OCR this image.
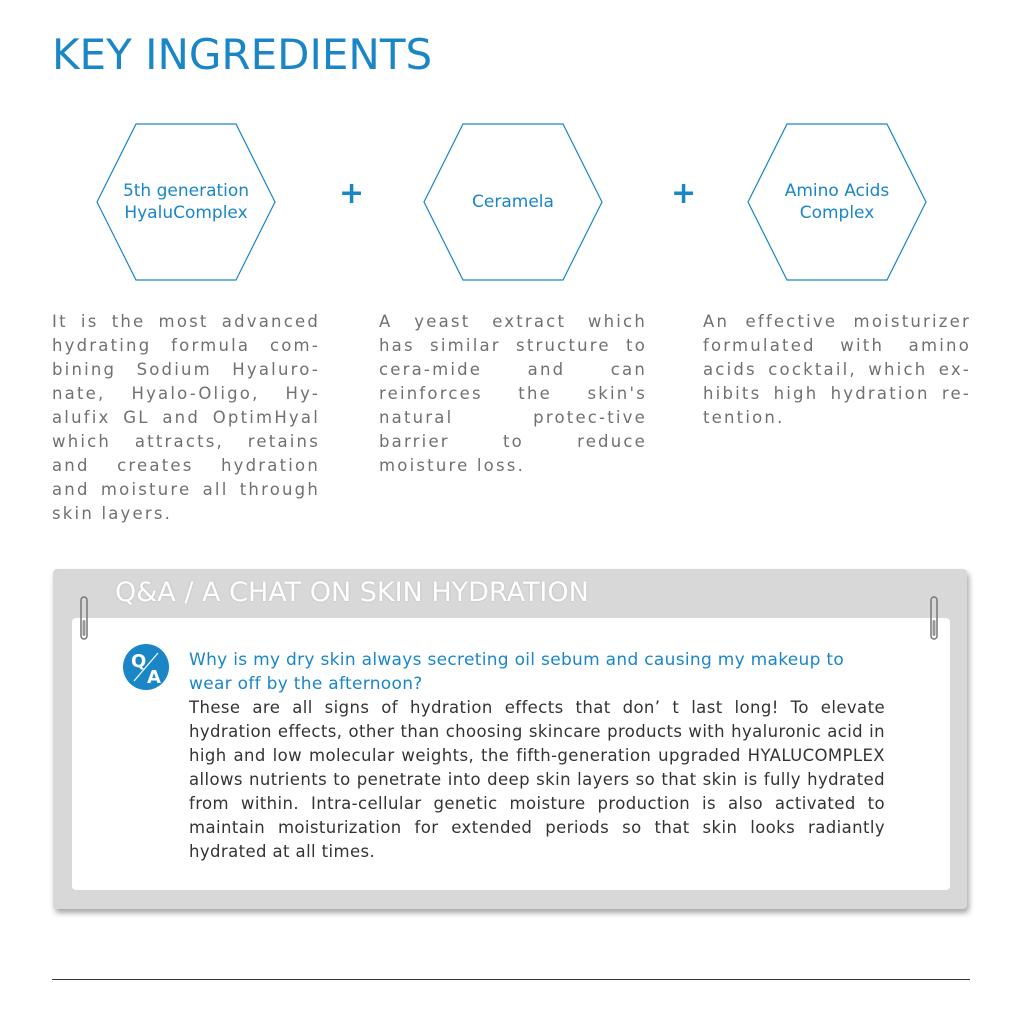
KEY INGREDIENTS
5th generation
HyaluComplex
+	Ceramela	+	Amino Acids
Complex
It is the most advanced hydrating formula com-bining Sodium Hyaluro-nate, Hyalo-Oligo, Hy-alufix GL and OptimHyal which attracts, retains and creates hydration and moisture all through skin layers.
A yeast extract which has similar structure to cera-mide and can reinforces the skin's natural protec-tive barrier to reduce moisture loss.
An effective moisturizer formulated with amino acids cocktail, which ex-hibits high hydration re-tention.
Q&A / A CHAT ON SKIN HYDRATION
Q
A
Why is my dry skin always secreting oil sebum and causing my makeup to wear off by the afternoon?
These are all signs of hydration effects that don’ t last long! To elevate hydration effects, other than choosing skincare products with hyaluronic acid in high and low molecular weights, the fifth-generation upgraded HYALUCOMPLEX allows nutrients to penetrate into deep skin layers so that skin is fully hydrated from within. Intra-cellular genetic moisture production is also activated to maintain moisturization for extended periods so that skin looks radiantly hydrated at all times.
